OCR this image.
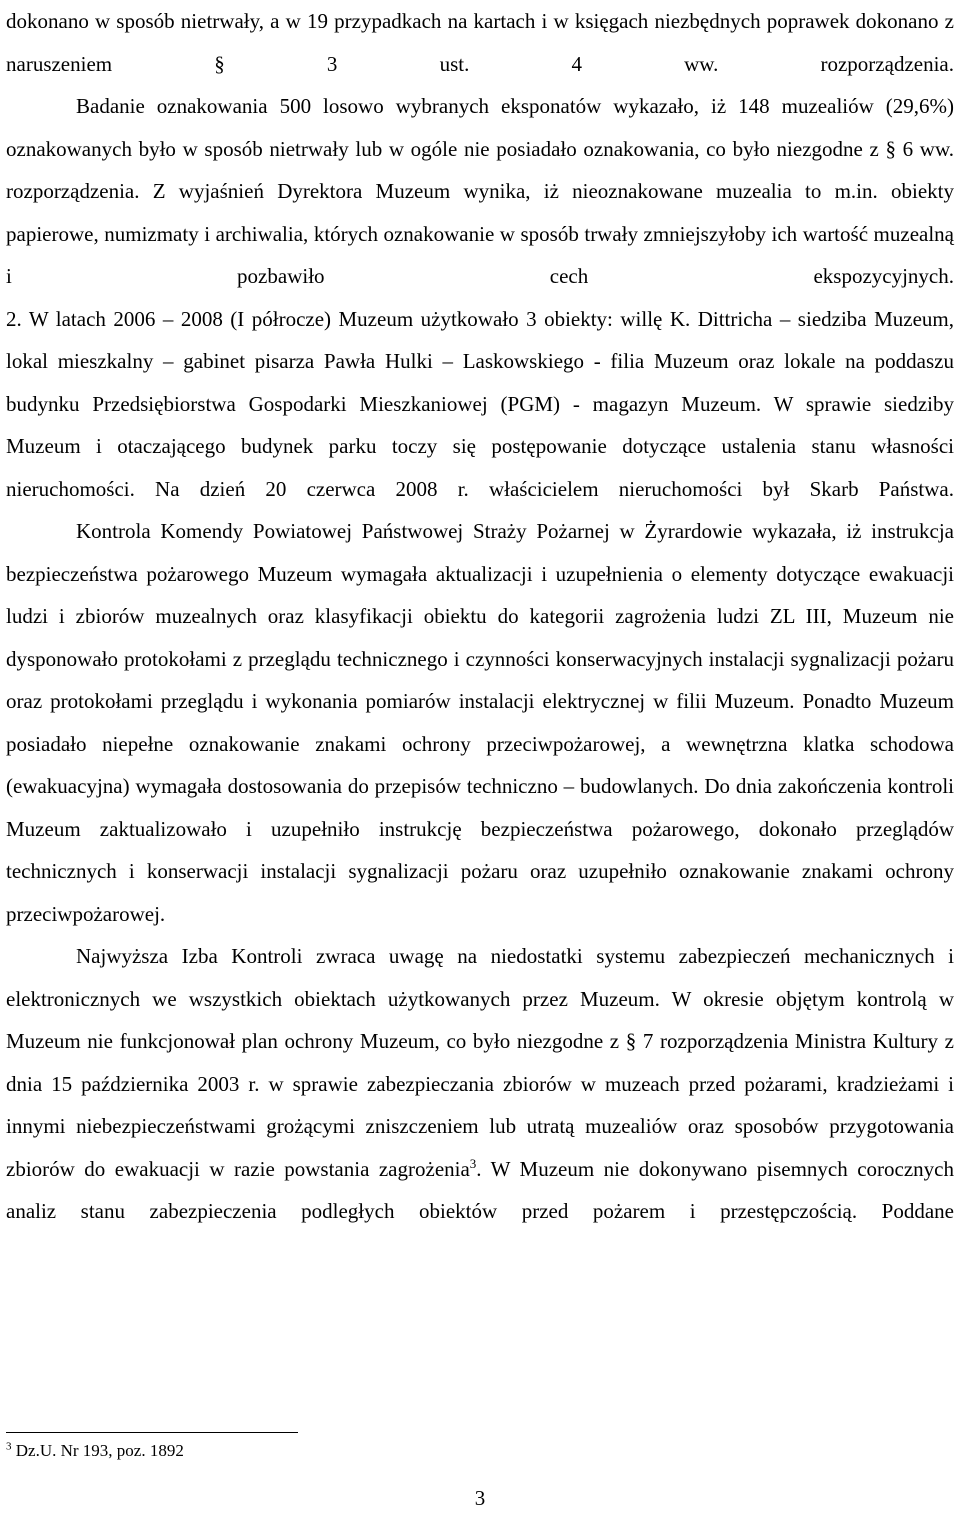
dokonano w sposób nietrwały, a w 19 przypadkach na kartach i w księgach niezbędnych poprawek dokonano z naruszeniem § 3 ust. 4 ww. rozporządzenia.

Badanie oznakowania 500 losowo wybranych eksponatów wykazało, iż 148 muzealiów (29,6%) oznakowanych było w sposób nietrwały lub w ogóle nie posiadało oznakowania, co było niezgodne z § 6 ww. rozporządzenia. Z wyjaśnień Dyrektora Muzeum wynika, iż nieoznakowane muzealia to m.in. obiekty papierowe, numizmaty i archiwalia, których oznakowanie w sposób trwały zmniejszyłoby ich wartość muzealną i pozbawiło cech ekspozycyjnych.

2. W latach 2006 – 2008 (I półrocze) Muzeum użytkowało 3 obiekty: willę K. Dittricha – siedziba Muzeum, lokal mieszkalny – gabinet pisarza Pawła Hulki – Laskowskiego - filia Muzeum oraz lokale na poddaszu budynku Przedsiębiorstwa Gospodarki Mieszkaniowej (PGM) - magazyn Muzeum. W sprawie siedziby Muzeum i otaczającego budynek parku toczy się postępowanie dotyczące ustalenia stanu własności nieruchomości. Na dzień 20 czerwca 2008 r. właścicielem nieruchomości był Skarb Państwa.

Kontrola Komendy Powiatowej Państwowej Straży Pożarnej w Żyrardowie wykazała, iż instrukcja bezpieczeństwa pożarowego Muzeum wymagała aktualizacji i uzupełnienia o elementy dotyczące ewakuacji ludzi i zbiorów muzealnych oraz klasyfikacji obiektu do kategorii zagrożenia ludzi ZL III, Muzeum nie dysponowało protokołami z przeglądu technicznego i czynności konserwacyjnych instalacji sygnalizacji pożaru oraz protokołami przeglądu i wykonania pomiarów instalacji elektrycznej w filii Muzeum. Ponadto Muzeum posiadało niepełne oznakowanie znakami ochrony przeciwpożarowej, a wewnętrzna klatka schodowa (ewakuacyjna) wymagała dostosowania do przepisów techniczno – budowlanych. Do dnia zakończenia kontroli Muzeum zaktualizowało i uzupełniło instrukcję bezpieczeństwa pożarowego, dokonało przeglądów technicznych i konserwacji instalacji sygnalizacji pożaru oraz uzupełniło oznakowanie znakami ochrony przeciwpożarowej.

Najwyższa Izba Kontroli zwraca uwagę na niedostatki systemu zabezpieczeń mechanicznych i elektronicznych we wszystkich obiektach użytkowanych przez Muzeum. W okresie objętym kontrolą w Muzeum nie funkcjonował plan ochrony Muzeum, co było niezgodne z § 7 rozporządzenia Ministra Kultury z dnia 15 października 2003 r. w sprawie zabezpieczania zbiorów w muzeach przed pożarami, kradzieżami i innymi niebezpieczeństwami grożącymi zniszczeniem lub utratą muzealiów oraz sposobów przygotowania zbiorów do ewakuacji w razie powstania zagrożenia$^3$. W Muzeum nie dokonywano pisemnych corocznych analiz stanu zabezpieczenia podległych obiektów przed pożarem i przestępczością. Poddane

$^3$ Dz.U. Nr 193, poz. 1892
3
